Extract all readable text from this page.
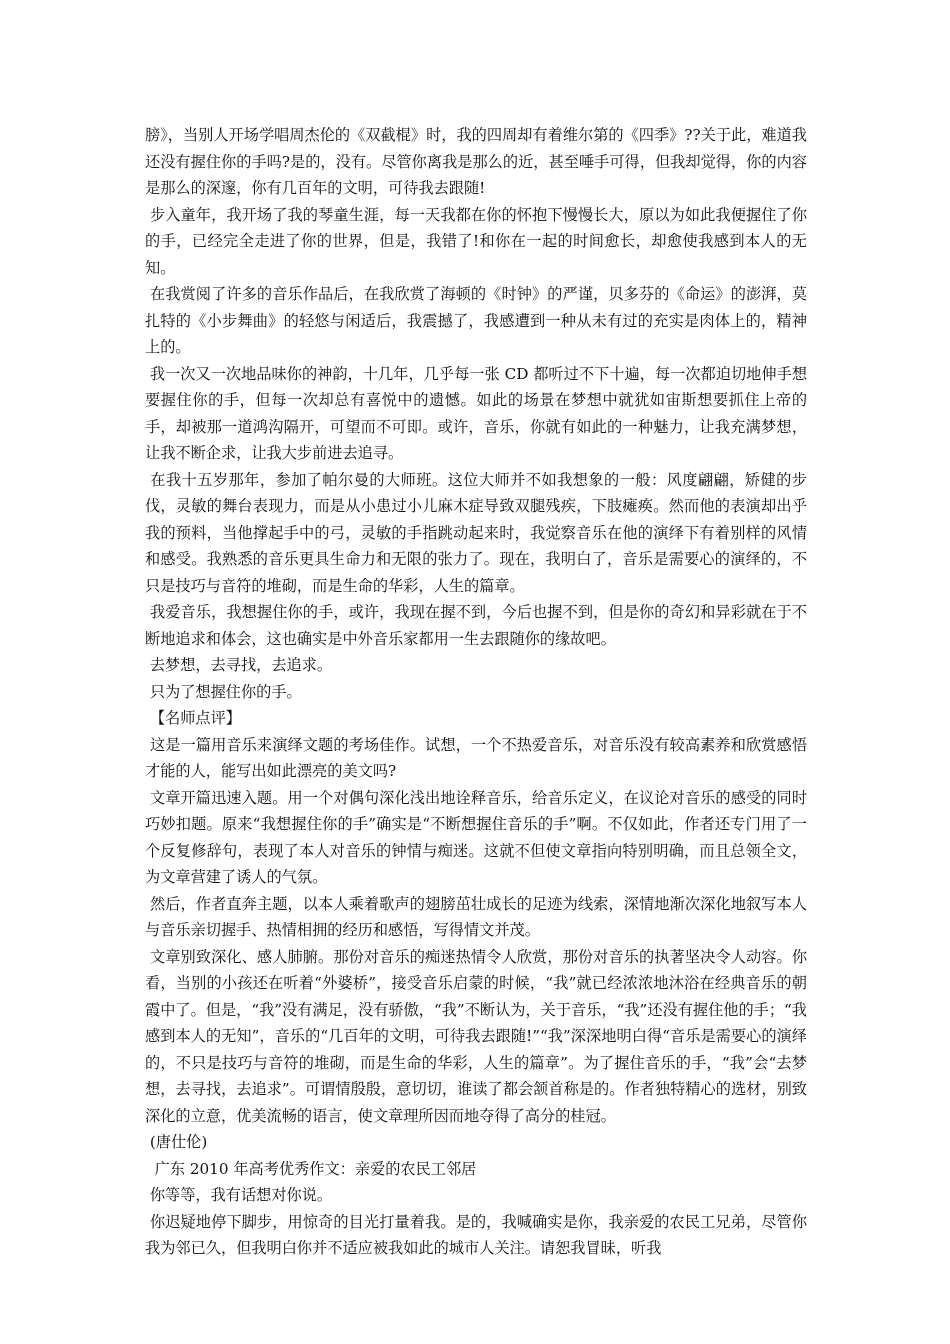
膀》，当别人开场学唱周杰伦的《双截棍》时，我的四周却有着维尔第的《四季》??关于此，难道我还没有握住你的手吗?是的，没有。尽管你离我是那么的近，甚至唾手可得，但我却觉得，你的内容是那么的深邃，你有几百年的文明，可待我去跟随!

步入童年，我开场了我的琴童生涯，每一天我都在你的怀抱下慢慢长大，原以为如此我便握住了你的手，已经完全走进了你的世界，但是，我错了!和你在一起的时间愈长，却愈使我感到本人的无知。

在我赏阅了许多的音乐作品后，在我欣赏了海顿的《时钟》的严谨，贝多芬的《命运》的澎湃，莫扎特的《小步舞曲》的轻悠与闲适后，我震撼了，我感遭到一种从未有过的充实是肉体上的，精神上的。

我一次又一次地品味你的神韵，十几年，几乎每一张 CD 都听过不下十遍，每一次都迫切地伸手想要握住你的手，但每一次却总有喜悦中的遗憾。如此的场景在梦想中就犹如宙斯想要抓住上帝的手，却被那一道鸿沟隔开，可望而不可即。或许，音乐，你就有如此的一种魅力，让我充满梦想，让我不断企求，让我大步前进去追寻。

在我十五岁那年，参加了帕尔曼的大师班。这位大师并不如我想象的一般：风度翩翩，矫健的步伐，灵敏的舞台表现力，而是从小患过小儿麻木症导致双腿残疾，下肢瘫痪。然而他的表演却出乎我的预料，当他撑起手中的弓，灵敏的手指跳动起来时，我觉察音乐在他的演绎下有着别样的风情和感受。我熟悉的音乐更具生命力和无限的张力了。现在，我明白了，音乐是需要心的演绎的，不只是技巧与音符的堆砌，而是生命的华彩，人生的篇章。

我爱音乐，我想握住你的手，或许，我现在握不到，今后也握不到，但是你的奇幻和异彩就在于不断地追求和体会，这也确实是中外音乐家都用一生去跟随你的缘故吧。

去梦想，去寻找，去追求。

只为了想握住你的手。

【名师点评】

这是一篇用音乐来演绎文题的考场佳作。试想，一个不热爱音乐，对音乐没有较高素养和欣赏感悟才能的人，能写出如此漂亮的美文吗?

文章开篇迅速入题。用一个对偶句深化浅出地诠释音乐，给音乐定义，在议论对音乐的感受的同时巧妙扣题。原来“我想握住你的手”确实是“不断想握住音乐的手”啊。不仅如此，作者还专门用了一个反复修辞句，表现了本人对音乐的钟情与痴迷。这就不但使文章指向特别明确，而且总领全文，为文章营建了诱人的气氛。

然后，作者直奔主题，以本人乘着歌声的翅膀茁壮成长的足迹为线索，深情地渐次深化地叙写本人与音乐亲切握手、热情相拥的经历和感悟，写得情文并茂。

文章别致深化、感人肺腑。那份对音乐的痴迷热情令人欣赏，那份对音乐的执著坚决令人动容。你看，当别的小孩还在听着“外婆桥”，接受音乐启蒙的时候，“我”就已经浓浓地沐浴在经典音乐的朝霞中了。但是，“我”没有满足，没有骄傲，“我”不断认为，关于音乐，“我”还没有握住他的手；“我感到本人的无知”，音乐的“几百年的文明，可待我去跟随!”“我”深深地明白得“音乐是需要心的演绎的，不只是技巧与音符的堆砌，而是生命的华彩，人生的篇章”。为了握住音乐的手，“我”会“去梦想，去寻找，去追求”。可谓情殷殷，意切切，谁读了都会颔首称是的。作者独特精心的选材，别致深化的立意，优美流畅的语言，使文章理所因而地夺得了高分的桂冠。

(唐仕伦)

广东 2010 年高考优秀作文：亲爱的农民工邻居

你等等，我有话想对你说。

你迟疑地停下脚步，用惊奇的目光打量着我。是的，我喊确实是你，我亲爱的农民工兄弟，尽管你我为邻已久，但我明白你并不适应被我如此的城市人关注。请恕我冒昧，听我
